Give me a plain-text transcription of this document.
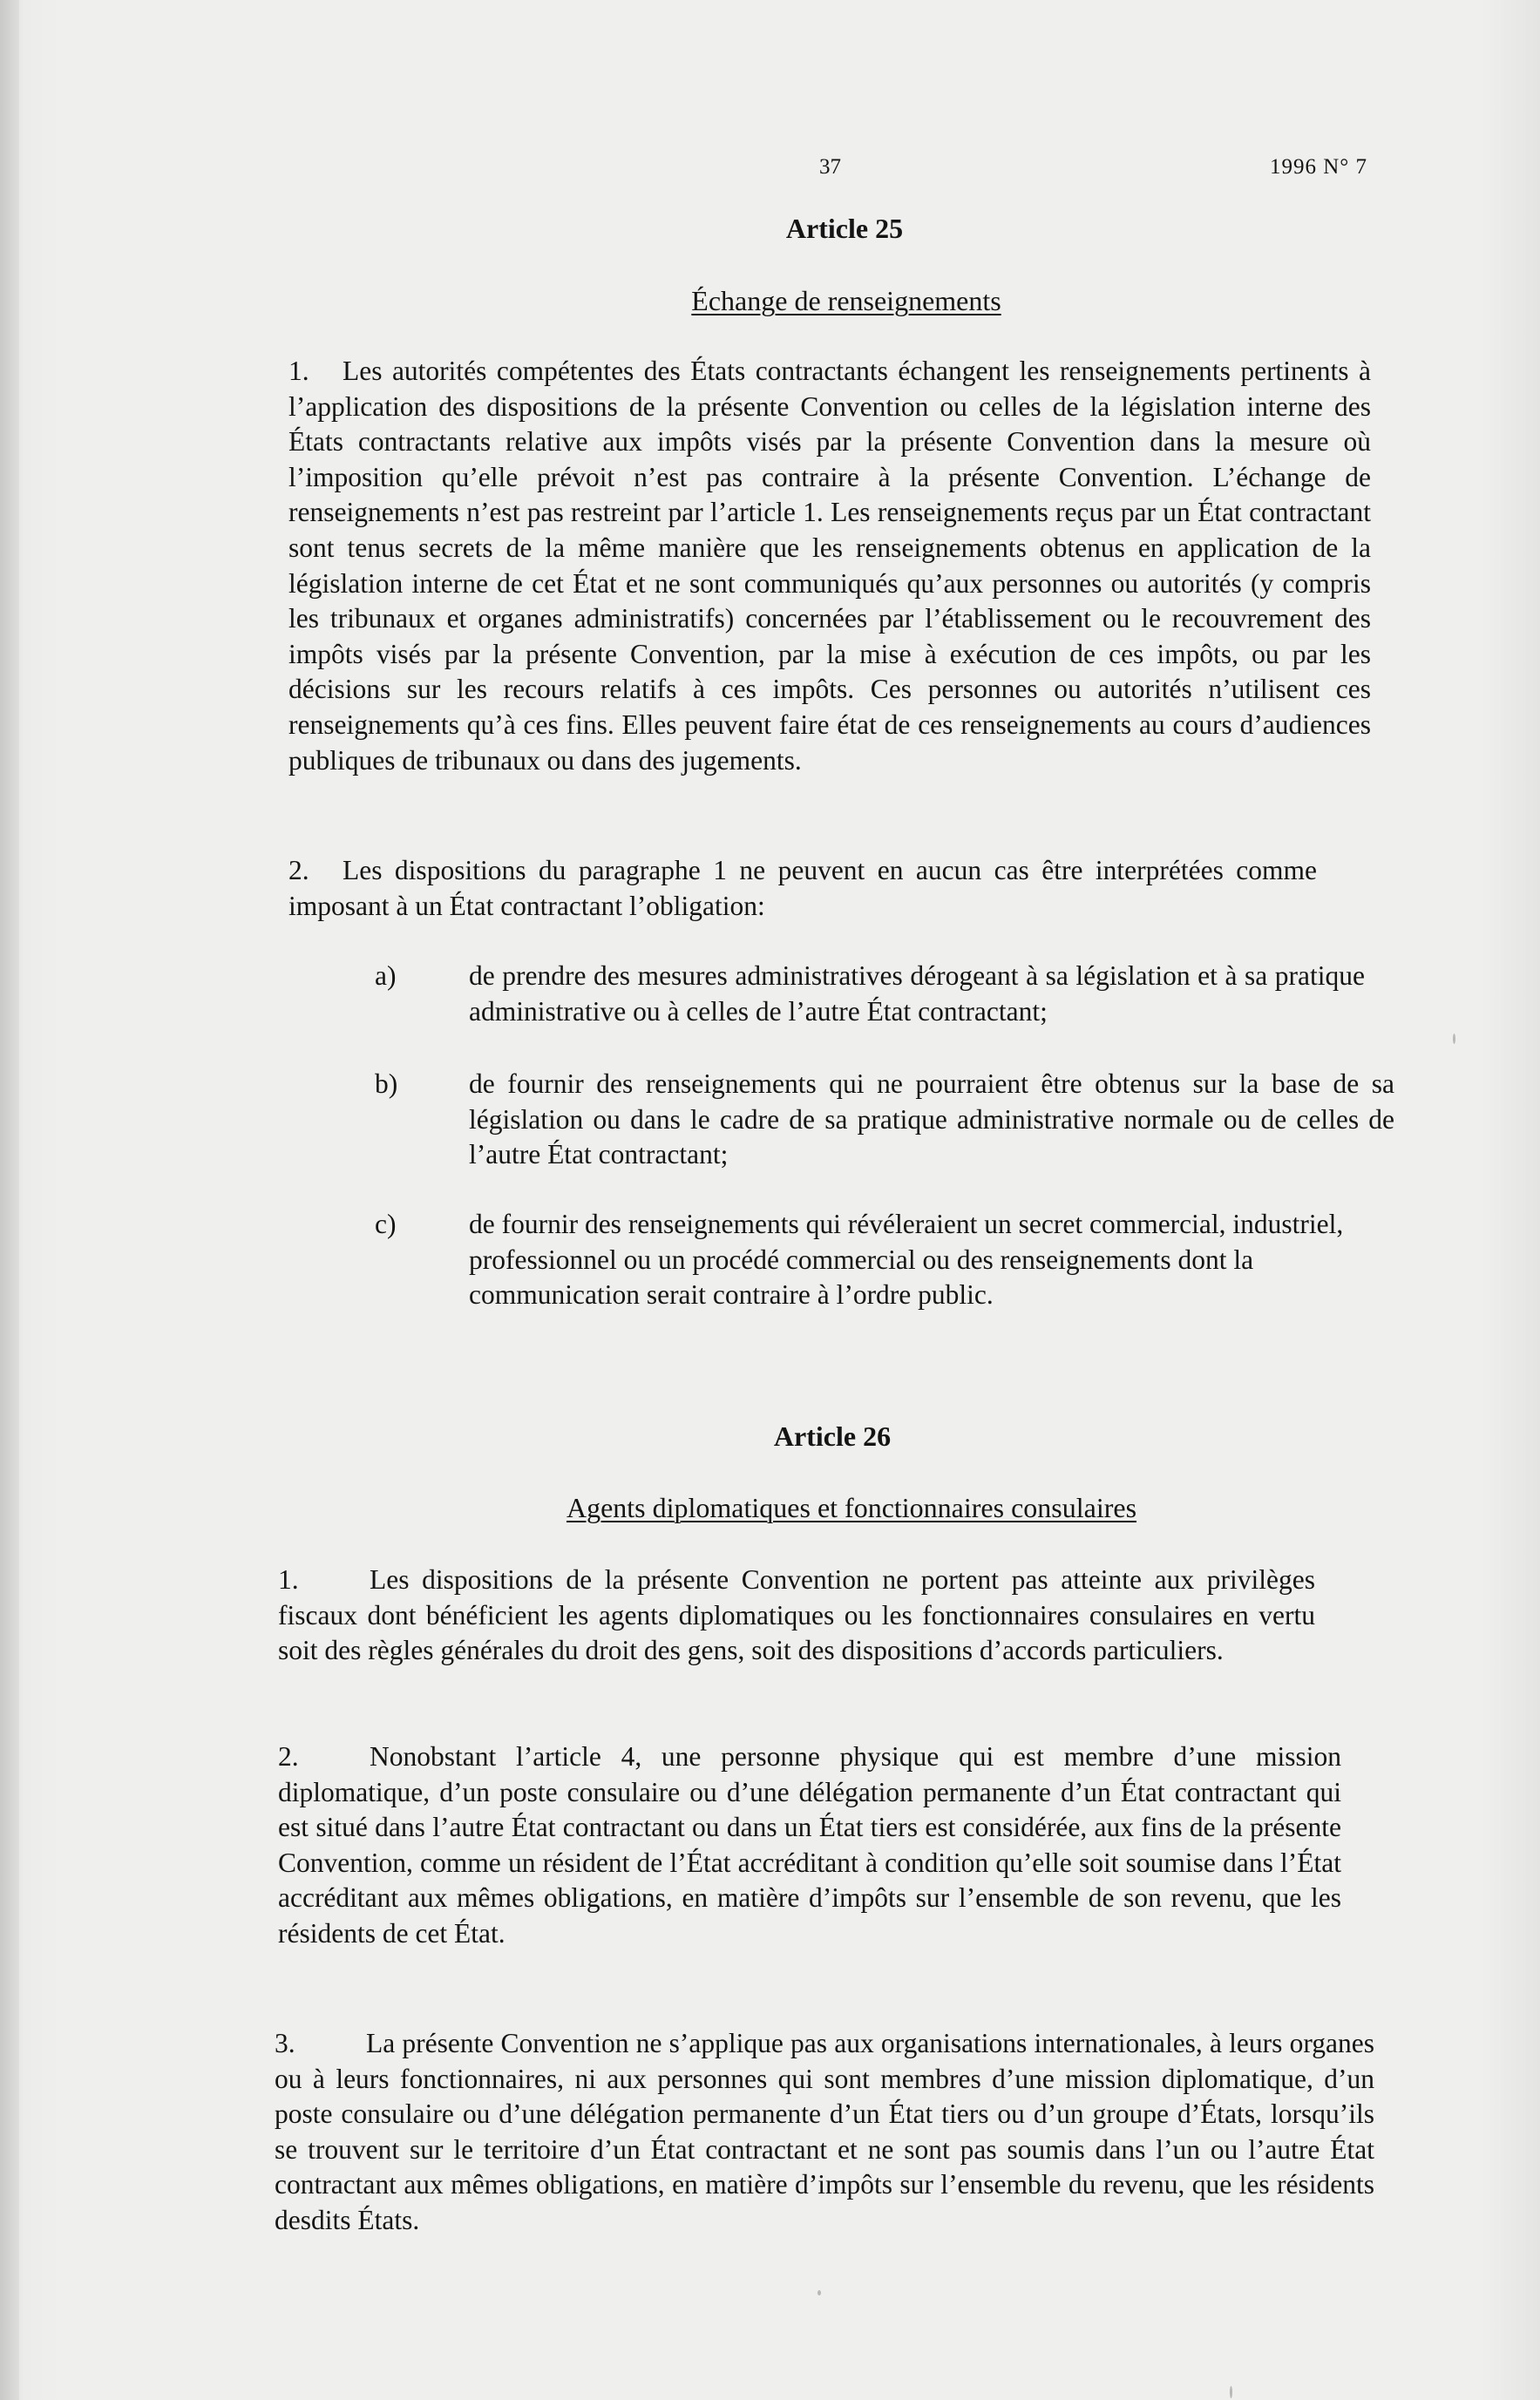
37	1996 N° 7
Article 25
Échange de renseignements
1. Les autorités compétentes des États contractants échangent les renseignements pertinents à l’application des dispositions de la présente Convention ou celles de la législation interne des États contractants relative aux impôts visés par la présente Convention dans la mesure où l’imposition qu’elle prévoit n’est pas contraire à la présente Convention. L’échange de renseignements n’est pas restreint par l’article 1. Les renseignements reçus par un État contractant sont tenus secrets de la même manière que les renseignements obtenus en application de la législation interne de cet État et ne sont communiqués qu’aux personnes ou autorités (y compris les tribunaux et organes administratifs) concernées par l’établissement ou le recouvrement des impôts visés par la présente Convention, par la mise à exécution de ces impôts, ou par les décisions sur les recours relatifs à ces impôts. Ces personnes ou autorités n’utilisent ces renseignements qu’à ces fins. Elles peuvent faire état de ces renseignements au cours d’audiences publiques de tribunaux ou dans des jugements.
2. Les dispositions du paragraphe 1 ne peuvent en aucun cas être interprétées comme imposant à un État contractant l’obligation:
a)	de prendre des mesures administratives dérogeant à sa législation et à sa pratique administrative ou à celles de l’autre État contractant;
b)	de fournir des renseignements qui ne pourraient être obtenus sur la base de sa législation ou dans le cadre de sa pratique administrative normale ou de celles de l’autre État contractant;
c)	de fournir des renseignements qui révéleraient un secret commercial, industriel, professionnel ou un procédé commercial ou des renseignements dont la communication serait contraire à l’ordre public.
Article 26
Agents diplomatiques et fonctionnaires consulaires
1.	Les dispositions de la présente Convention ne portent pas atteinte aux privilèges fiscaux dont bénéficient les agents diplomatiques ou les fonctionnaires consulaires en vertu soit des règles générales du droit des gens, soit des dispositions d’accords particuliers.
2.	Nonobstant l’article 4, une personne physique qui est membre d’une mission diplomatique, d’un poste consulaire ou d’une délégation permanente d’un État contractant qui est situé dans l’autre État contractant ou dans un État tiers est considérée, aux fins de la présente Convention, comme un résident de l’État accréditant à condition qu’elle soit soumise dans l’État accréditant aux mêmes obligations, en matière d’impôts sur l’ensemble de son revenu, que les résidents de cet État.
3.	La présente Convention ne s’applique pas aux organisations internationales, à leurs organes ou à leurs fonctionnaires, ni aux personnes qui sont membres d’une mission diplomatique, d’un poste consulaire ou d’une délégation permanente d’un État tiers ou d’un groupe d’États, lorsqu’ils se trouvent sur le territoire d’un État contractant et ne sont pas soumis dans l’un ou l’autre État contractant aux mêmes obligations, en matière d’impôts sur l’ensemble du revenu, que les résidents desdits États.
